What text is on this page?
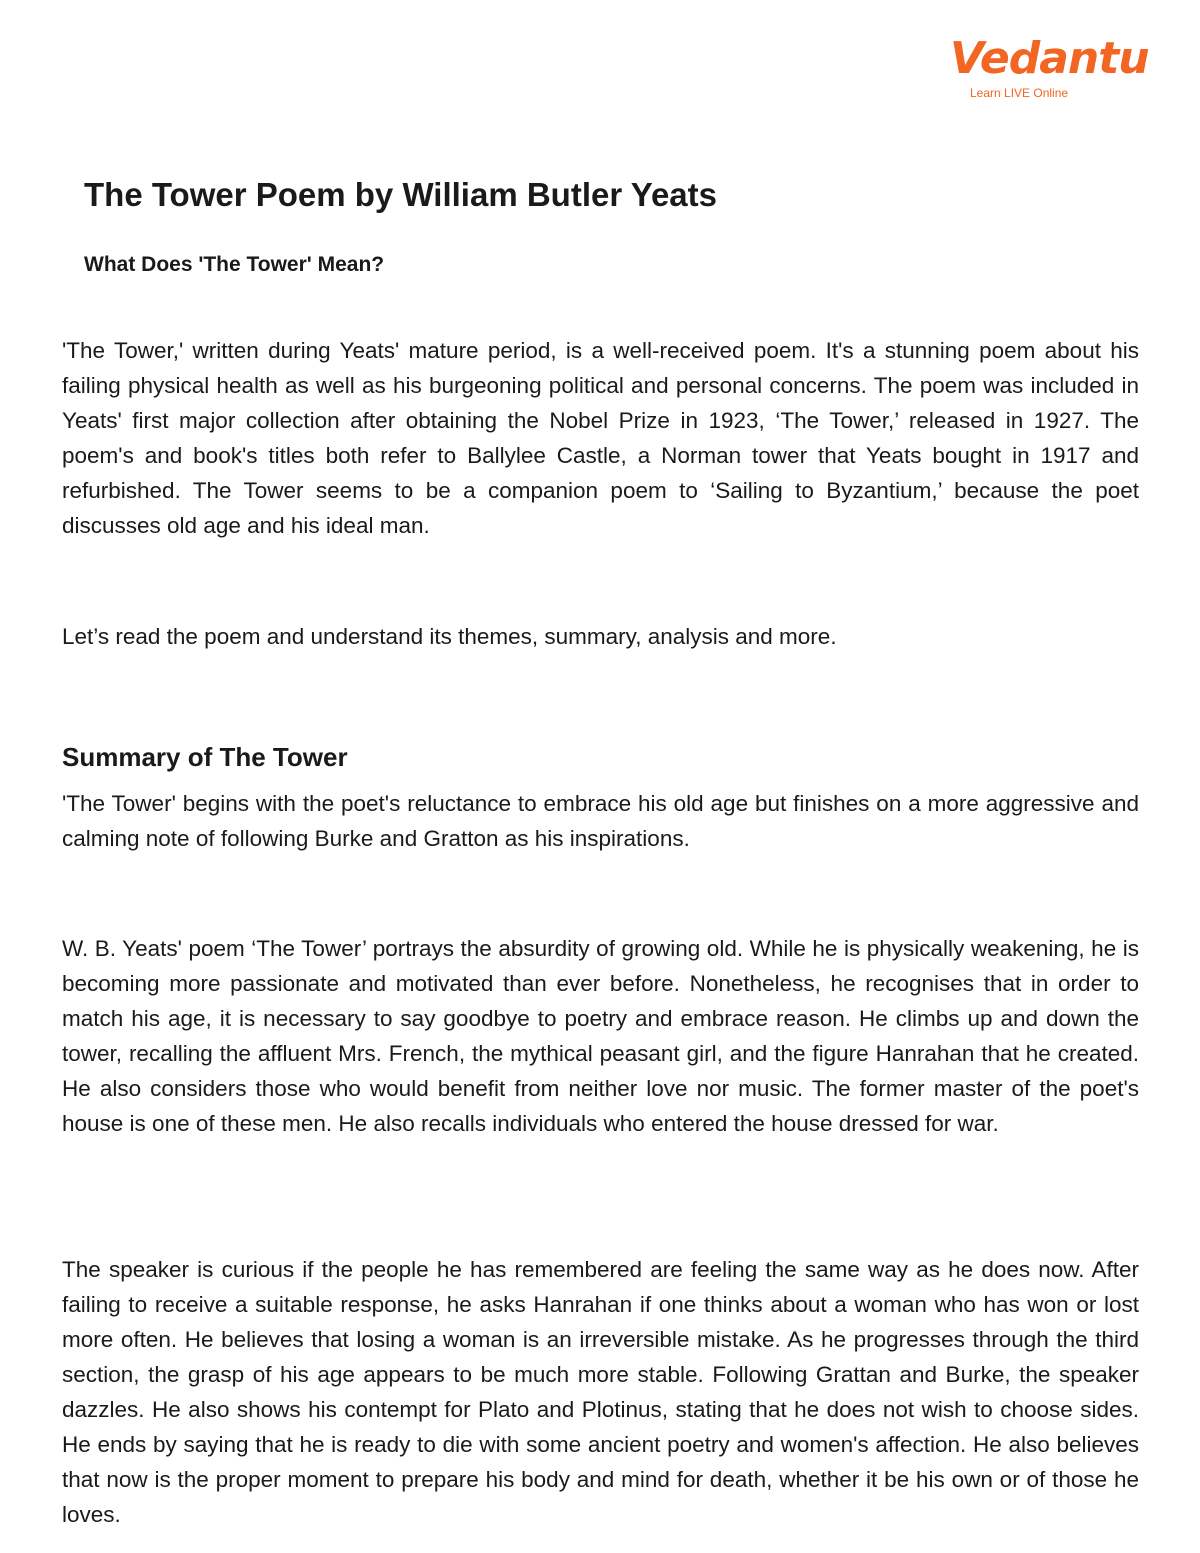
Vedantu
Learn LIVE Online
The Tower Poem by William Butler Yeats
What Does 'The Tower' Mean?

'The Tower,' written during Yeats' mature period, is a well-received poem. It's a stunning poem about his failing physical health as well as his burgeoning political and personal concerns. The poem was included in Yeats' first major collection after obtaining the Nobel Prize in 1923, ‘The Tower,’ released in 1927. The poem's and book's titles both refer to Ballylee Castle, a Norman tower that Yeats bought in 1917 and refurbished. The Tower seems to be a companion poem to ‘Sailing to Byzantium,’ because the poet discusses old age and his ideal man.

Let’s read the poem and understand its themes, summary, analysis and more.

Summary of The Tower

'The Tower' begins with the poet's reluctance to embrace his old age but finishes on a more aggressive and calming note of following Burke and Gratton as his inspirations.

W. B. Yeats' poem ‘The Tower’ portrays the absurdity of growing old. While he is physically weakening, he is becoming more passionate and motivated than ever before. Nonetheless, he recognises that in order to match his age, it is necessary to say goodbye to poetry and embrace reason. He climbs up and down the tower, recalling the affluent Mrs. French, the mythical peasant girl, and the figure Hanrahan that he created. He also considers those who would benefit from neither love nor music. The former master of the poet's house is one of these men. He also recalls individuals who entered the house dressed for war.

The speaker is curious if the people he has remembered are feeling the same way as he does now. After failing to receive a suitable response, he asks Hanrahan if one thinks about a woman who has won or lost more often. He believes that losing a woman is an irreversible mistake. As he progresses through the third section, the grasp of his age appears to be much more stable. Following Grattan and Burke, the speaker dazzles. He also shows his contempt for Plato and Plotinus, stating that he does not wish to choose sides. He ends by saying that he is ready to die with some ancient poetry and women's affection. He also believes that now is the proper moment to prepare his body and mind for death, whether it be his own or of those he loves.
